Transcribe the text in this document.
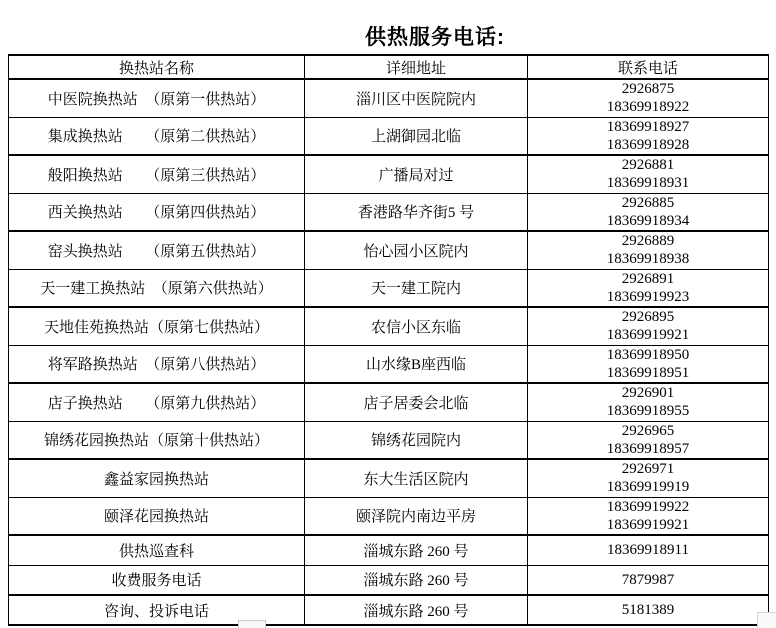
供热服务电话:
换热站名称	详细地址	联系电话
中医院换热站　（原第一供热站）	淄川区中医院院内	2926875
18369918922

集成换热站　　（原第二供热站）	上湖御园北临	18369918927
18369918928

般阳换热站　　（原第三供热站）	广播局对过	2926881
18369918931

西关换热站　　（原第四供热站）	香港路华齐街5 号	2926885
18369918934

窑头换热站　　（原第五供热站）	怡心园小区院内	2926889
18369918938

天一建工换热站　（原第六供热站）	天一建工院内	2926891
18369919923

天地佳苑换热站（原第七供热站）	农信小区东临	2926895
18369919921

将军路换热站　（原第八供热站）	山水缘B座西临	18369918950
18369918951

店子换热站　　（原第九供热站）	店子居委会北临	2926901
18369918955

锦绣花园换热站（原第十供热站）	锦绣花园院内	2926965
18369918957

鑫益家园换热站	东大生活区院内	2926971
18369919919

颐泽花园换热站	颐泽院内南边平房	18369919922
18369919921

供热巡查科	淄城东路 260 号	18369918911

收费服务电话	淄城东路 260 号	7879987

咨询、投诉电话	淄城东路 260 号	5181389
